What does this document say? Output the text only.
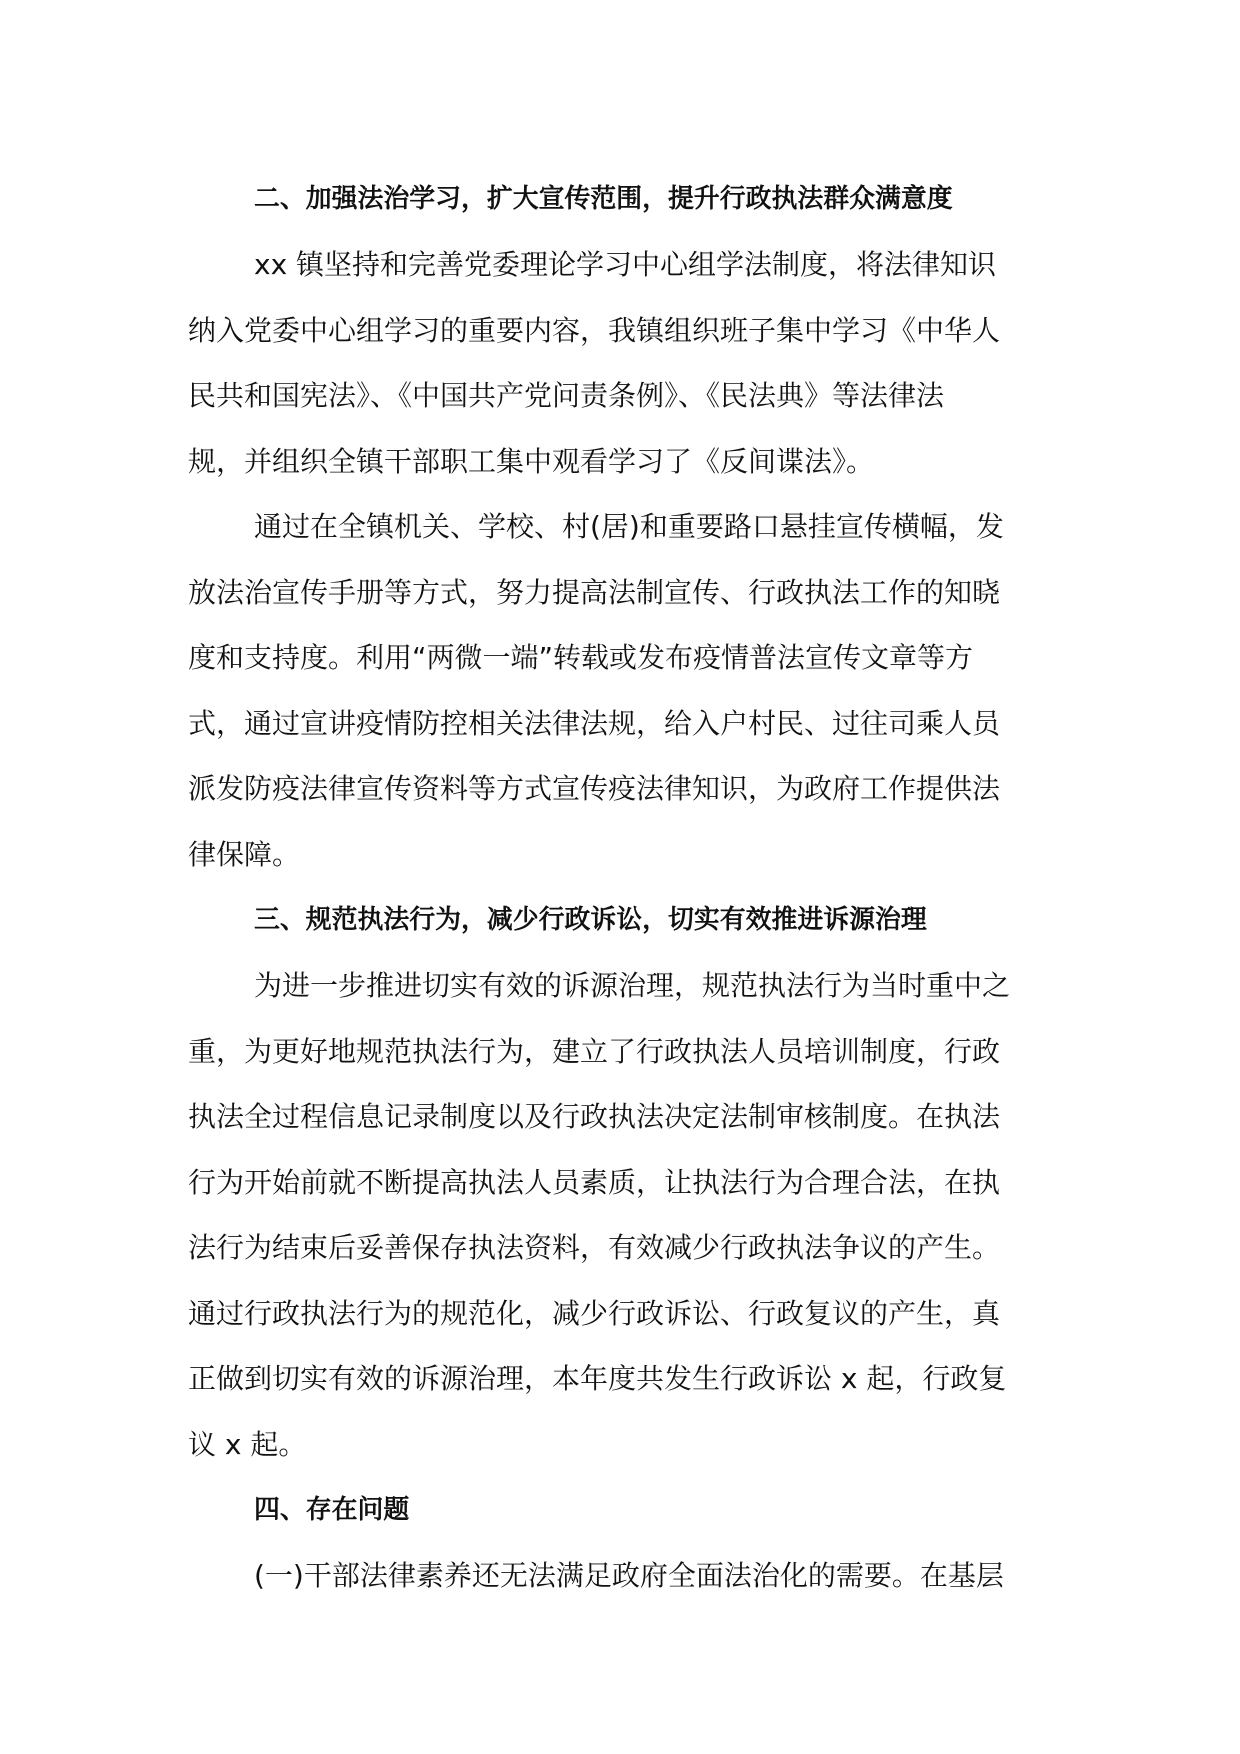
二、加强法治学习，扩大宣传范围，提升行政执法群众满意度

xx 镇坚持和完善党委理论学习中心组学法制度，将法律知识

纳入党委中心组学习的重要内容，我镇组织班子集中学习《中华人

民共和国宪法》、《中国共产党问责条例》、《民法典》等法律法

规，并组织全镇干部职工集中观看学习了《反间谍法》。

通过在全镇机关、学校、村(居)和重要路口悬挂宣传横幅，发

放法治宣传手册等方式，努力提高法制宣传、行政执法工作的知晓

度和支持度。利用“两微一端”转载或发布疫情普法宣传文章等方

式，通过宣讲疫情防控相关法律法规，给入户村民、过往司乘人员

派发防疫法律宣传资料等方式宣传疫法律知识，为政府工作提供法

律保障。

三、规范执法行为，减少行政诉讼，切实有效推进诉源治理

为进一步推进切实有效的诉源治理，规范执法行为当时重中之

重，为更好地规范执法行为，建立了行政执法人员培训制度，行政

执法全过程信息记录制度以及行政执法决定法制审核制度。在执法

行为开始前就不断提高执法人员素质，让执法行为合理合法，在执

法行为结束后妥善保存执法资料，有效减少行政执法争议的产生。

通过行政执法行为的规范化，减少行政诉讼、行政复议的产生，真

正做到切实有效的诉源治理，本年度共发生行政诉讼 x 起，行政复

议 x 起。

四、存在问题

(一)干部法律素养还无法满足政府全面法治化的需要。在基层
